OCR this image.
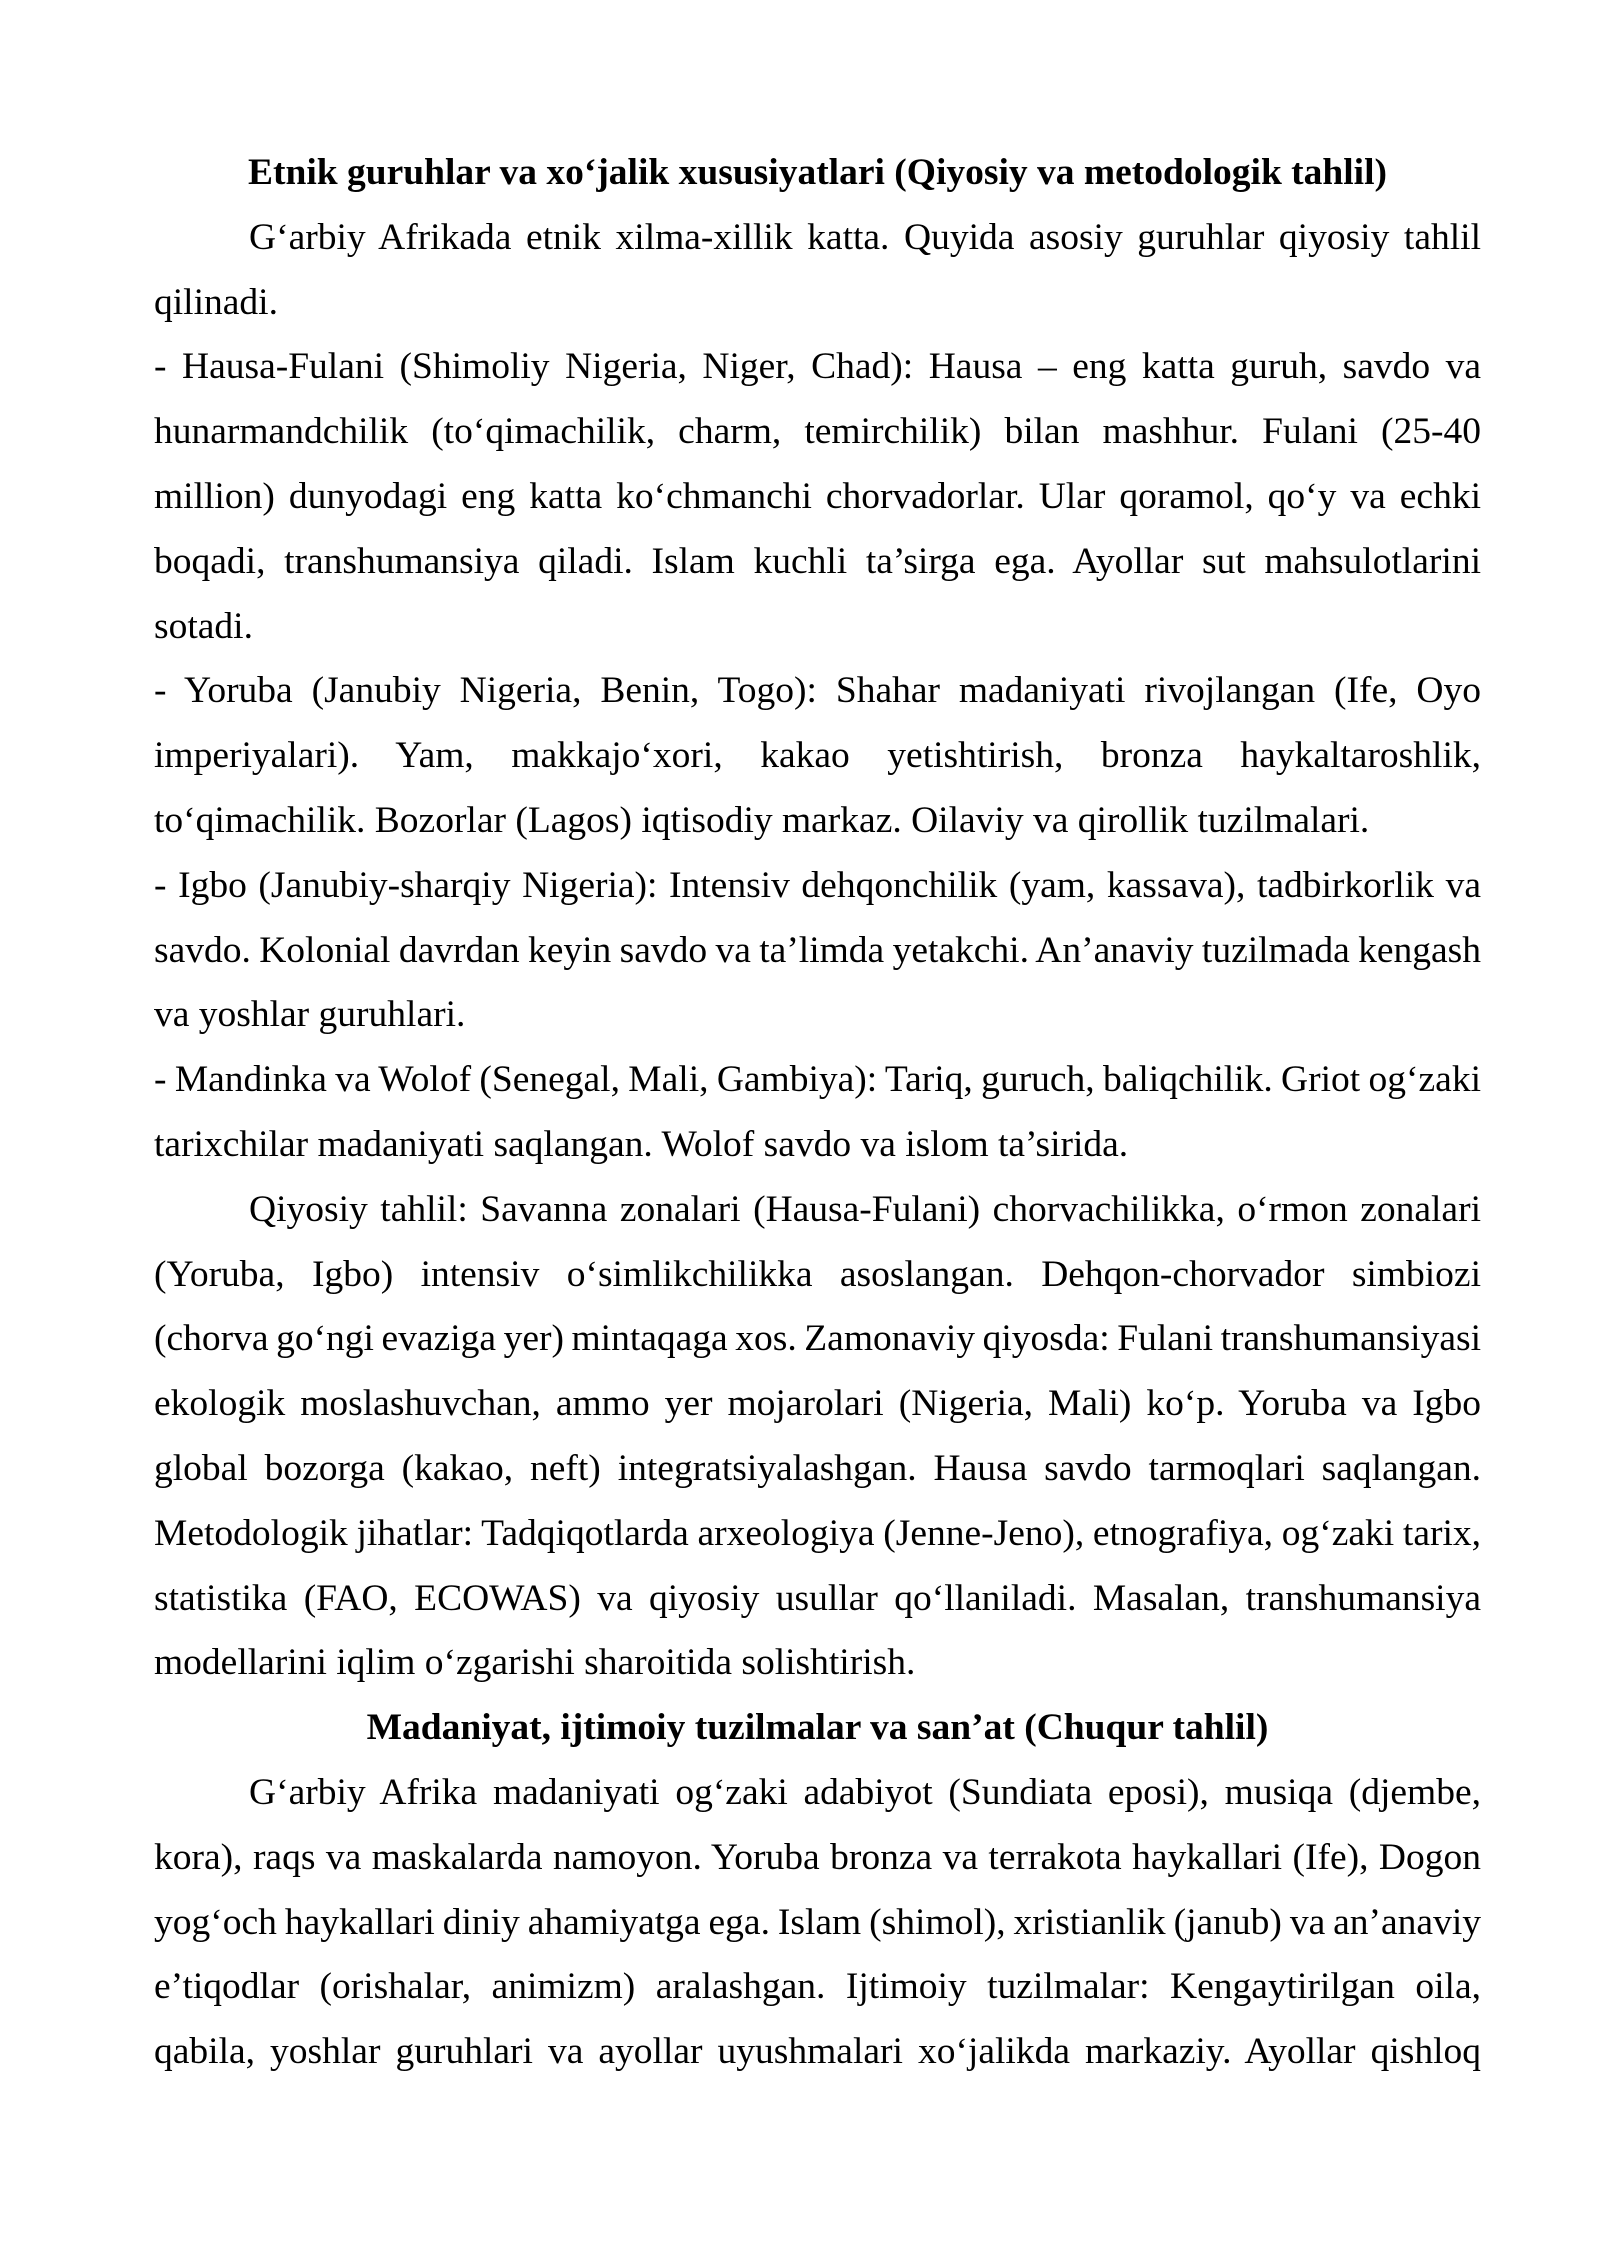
Etnik guruhlar va xo‘jalik xususiyatlari (Qiyosiy va metodologik tahlil)
G‘arbiy Afrikada etnik xilma-xillik katta. Quyida asosiy guruhlar qiyosiy tahlil
qilinadi.
- Hausa-Fulani (Shimoliy Nigeria, Niger, Chad): Hausa – eng katta guruh, savdo va
hunarmandchilik (to‘qimachilik, charm, temirchilik) bilan mashhur. Fulani (25-40
million) dunyodagi eng katta ko‘chmanchi chorvadorlar. Ular qoramol, qo‘y va echki
boqadi, transhumansiya qiladi. Islam kuchli ta’sirga ega. Ayollar sut mahsulotlarini
sotadi.
- Yoruba (Janubiy Nigeria, Benin, Togo): Shahar madaniyati rivojlangan (Ife, Oyo
imperiyalari). Yam, makkajo‘xori, kakao yetishtirish, bronza haykaltaroshlik,
to‘qimachilik. Bozorlar (Lagos) iqtisodiy markaz. Oilaviy va qirollik tuzilmalari.
- Igbo (Janubiy-sharqiy Nigeria): Intensiv dehqonchilik (yam, kassava), tadbirkorlik va
savdo. Kolonial davrdan keyin savdo va ta’limda yetakchi. An’anaviy tuzilmada kengash
va yoshlar guruhlari.
- Mandinka va Wolof (Senegal, Mali, Gambiya): Tariq, guruch, baliqchilik. Griot og‘zaki
tarixchilar madaniyati saqlangan. Wolof savdo va islom ta’sirida.
Qiyosiy tahlil: Savanna zonalari (Hausa-Fulani) chorvachilikka, o‘rmon zonalari
(Yoruba, Igbo) intensiv o‘simlikchilikka asoslangan. Dehqon-chorvador simbiozi
(chorva go‘ngi evaziga yer) mintaqaga xos. Zamonaviy qiyosda: Fulani transhumansiyasi
ekologik moslashuvchan, ammo yer mojarolari (Nigeria, Mali) ko‘p. Yoruba va Igbo
global bozorga (kakao, neft) integratsiyalashgan. Hausa savdo tarmoqlari saqlangan.
Metodologik jihatlar: Tadqiqotlarda arxeologiya (Jenne-Jeno), etnografiya, og‘zaki tarix,
statistika (FAO, ECOWAS) va qiyosiy usullar qo‘llaniladi. Masalan, transhumansiya
modellarini iqlim o‘zgarishi sharoitida solishtirish.
Madaniyat, ijtimoiy tuzilmalar va san’at (Chuqur tahlil)
G‘arbiy Afrika madaniyati og‘zaki adabiyot (Sundiata eposi), musiqa (djembe,
kora), raqs va maskalarda namoyon. Yoruba bronza va terrakota haykallari (Ife), Dogon
yog‘och haykallari diniy ahamiyatga ega. Islam (shimol), xristianlik (janub) va an’anaviy
e’tiqodlar (orishalar, animizm) aralashgan. Ijtimoiy tuzilmalar: Kengaytirilgan oila,
qabila, yoshlar guruhlari va ayollar uyushmalari xo‘jalikda markaziy. Ayollar qishloq
